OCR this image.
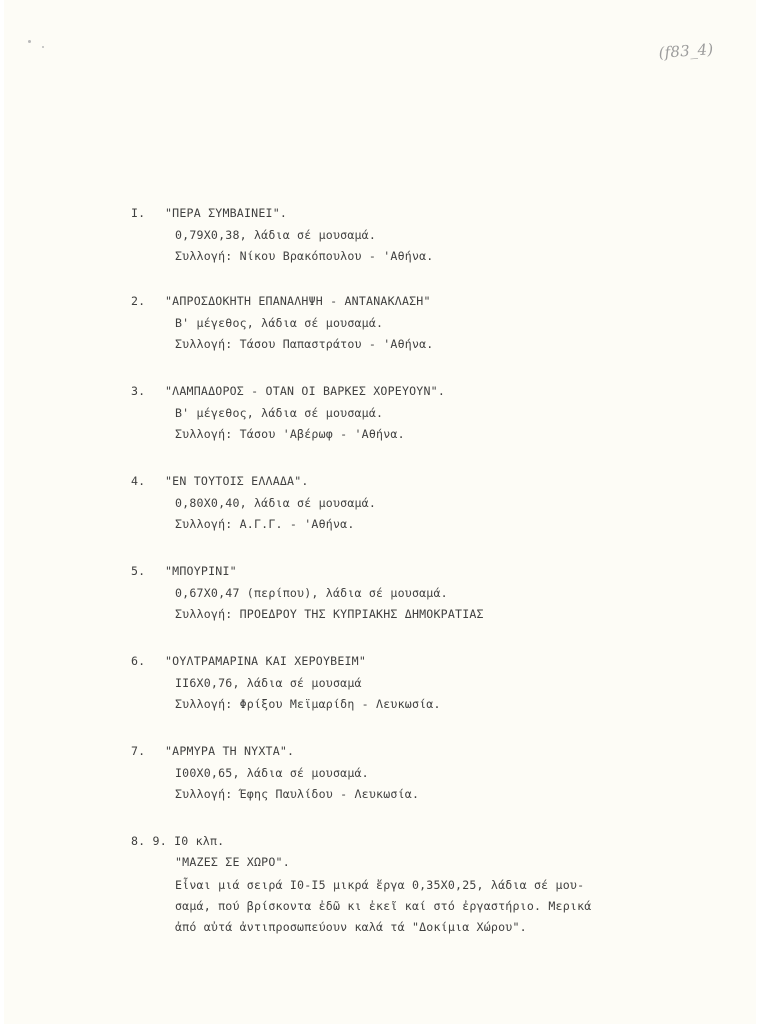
(f83_4)
I. "ΠΕΡΑ ΣΥΜΒΑΙΝΕΙ".
0,79Χ0,38, λάδια σέ μουσαμά.
Συλλογή: Νίκου Βρακόπουλου - 'Αθήνα.
2. "ΑΠΡΟΣΔΟΚΗΤΗ ΕΠΑΝΑΛΗΨΗ - ΑΝΤΑΝΑΚΛΑΣΗ"
Β' μέγεθος, λάδια σέ μουσαμά.
Συλλογή: Τάσου Παπαστράτου - 'Αθήνα.
3. "ΛΑΜΠΑΔΟΡΟΣ - ΟΤΑΝ ΟΙ ΒΑΡΚΕΣ ΧΟΡΕΥΟΥΝ".
Β' μέγεθος, λάδια σέ μουσαμά.
Συλλογή: Τάσου 'Αβέρωφ - 'Αθήνα.
4. "ΕΝ ΤΟΥΤΟΙΣ ΕΛΛΑΔΑ".
0,80Χ0,40, λάδια σέ μουσαμά.
Συλλογή: Α.Γ.Γ. - 'Αθήνα.
5. "ΜΠΟΥΡΙΝΙ"
0,67Χ0,47 (περίπου), λάδια σέ μουσαμά.
Συλλογή: ΠΡΟΕΔΡΟΥ ΤΗΣ ΚΥΠΡΙΑΚΗΣ ΔΗΜΟΚΡΑΤΙΑΣ
6. "ΟΥΛΤΡΑΜΑΡΙΝΑ ΚΑΙ ΧΕΡΟΥΒΕΙΜ"
II6Χ0,76, λάδια σέ μουσαμά
Συλλογή: Φρίξου Μεϊμαρίδη - Λευκωσία.
7. "ΑΡΜΥΡΑ ΤΗ ΝΥΧΤΑ".
I00Χ0,65, λάδια σέ μουσαμά.
Συλλογή: Έφης Παυλίδου - Λευκωσία.
8. 9. I0 κλπ.
"ΜΑΖΕΣ ΣΕ ΧΩΡΟ".
Εἶναι μιά σειρά I0-I5 μικρά ἔργα 0,35Χ0,25, λάδια σέ μου-
σαμά, πού βρίσκοντα ἐδῶ κι ἐκεῖ καί στό ἐργαστήριο. Μερικά
ἀπό αὐτά ἀντιπροσωπεύουν καλά τά "Δοκίμια Χώρου".
